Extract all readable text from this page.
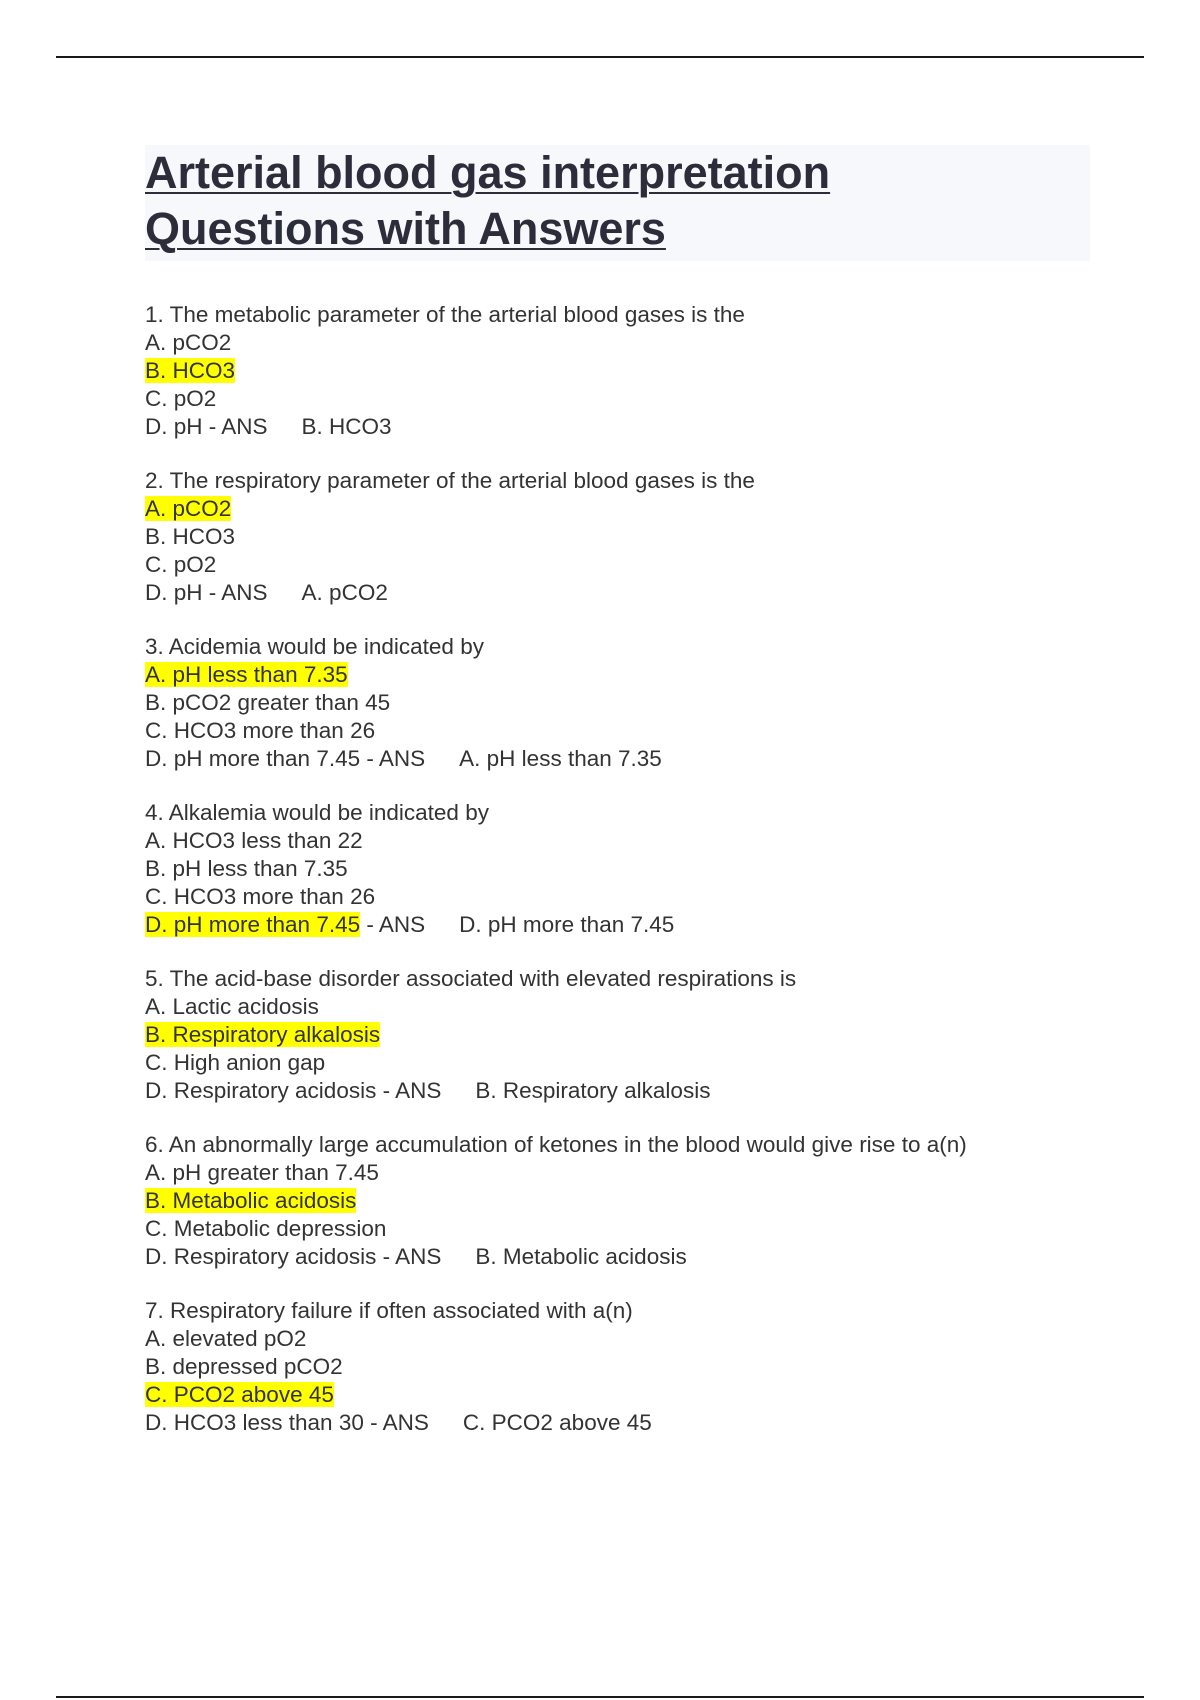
Arterial blood gas interpretation
Questions with Answers
1. The metabolic parameter of the arterial blood gases is the
A. pCO2
B. HCO3
C. pO2
D. pH - ANS B. HCO3
2. The respiratory parameter of the arterial blood gases is the
A. pCO2
B. HCO3
C. pO2
D. pH - ANS A. pCO2
3. Acidemia would be indicated by
A. pH less than 7.35
B. pCO2 greater than 45
C. HCO3 more than 26
D. pH more than 7.45 - ANS A. pH less than 7.35
4. Alkalemia would be indicated by
A. HCO3 less than 22
B. pH less than 7.35
C. HCO3 more than 26
D. pH more than 7.45 - ANS D. pH more than 7.45
5. The acid-base disorder associated with elevated respirations is
A. Lactic acidosis
B. Respiratory alkalosis
C. High anion gap
D. Respiratory acidosis - ANS B. Respiratory alkalosis
6. An abnormally large accumulation of ketones in the blood would give rise to a(n)
A. pH greater than 7.45
B. Metabolic acidosis
C. Metabolic depression
D. Respiratory acidosis - ANS B. Metabolic acidosis
7. Respiratory failure if often associated with a(n)
A. elevated pO2
B. depressed pCO2
C. PCO2 above 45
D. HCO3 less than 30 - ANS C. PCO2 above 45
